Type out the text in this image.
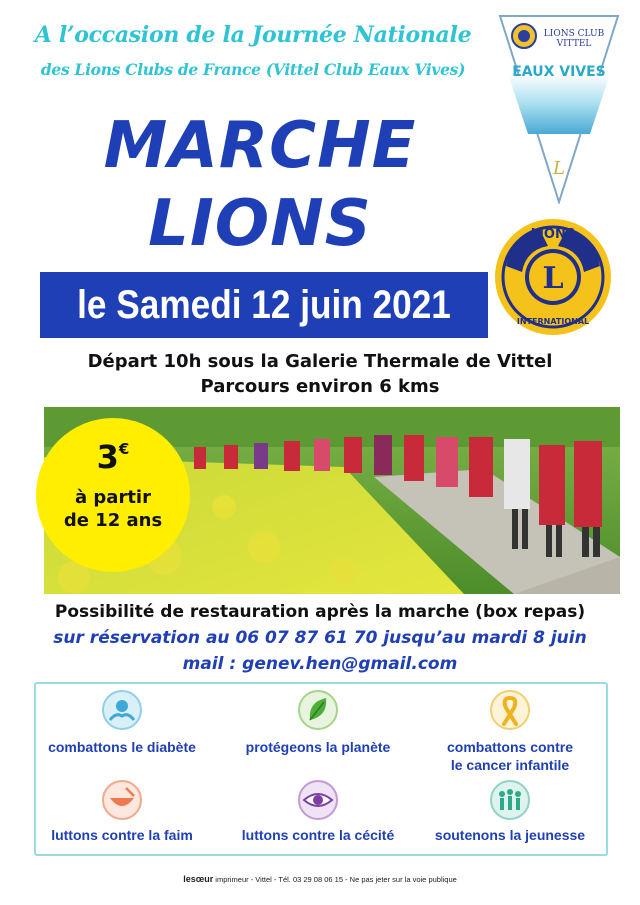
A l’occasion de la Journée Nationale
des Lions Clubs de France (Vittel Club Eaux Vives)
LIONS CLUB
VITTEL
EAUX VIVES
L
L
LIONS
INTERNATIONAL
MARCHE
LIONS
le Samedi 12 juin 2021
Départ 10h sous la Galerie Thermale de Vittel
Parcours environ 6 kms
3€
à partir
de 12 ans
Possibilité de restauration après la marche (box repas)
sur réservation au 06 07 87 61 70 jusqu’au mardi 8 juin
mail : genev.hen@gmail.com
combattons le diabète	protégeons la planète	combattons contre
le cancer infantile
luttons contre la faim	luttons contre la cécité	soutenons la jeunesse
lesœur imprimeur - Vittel - Tél. 03 29 08 06 15 - Ne pas jeter sur la voie publique
